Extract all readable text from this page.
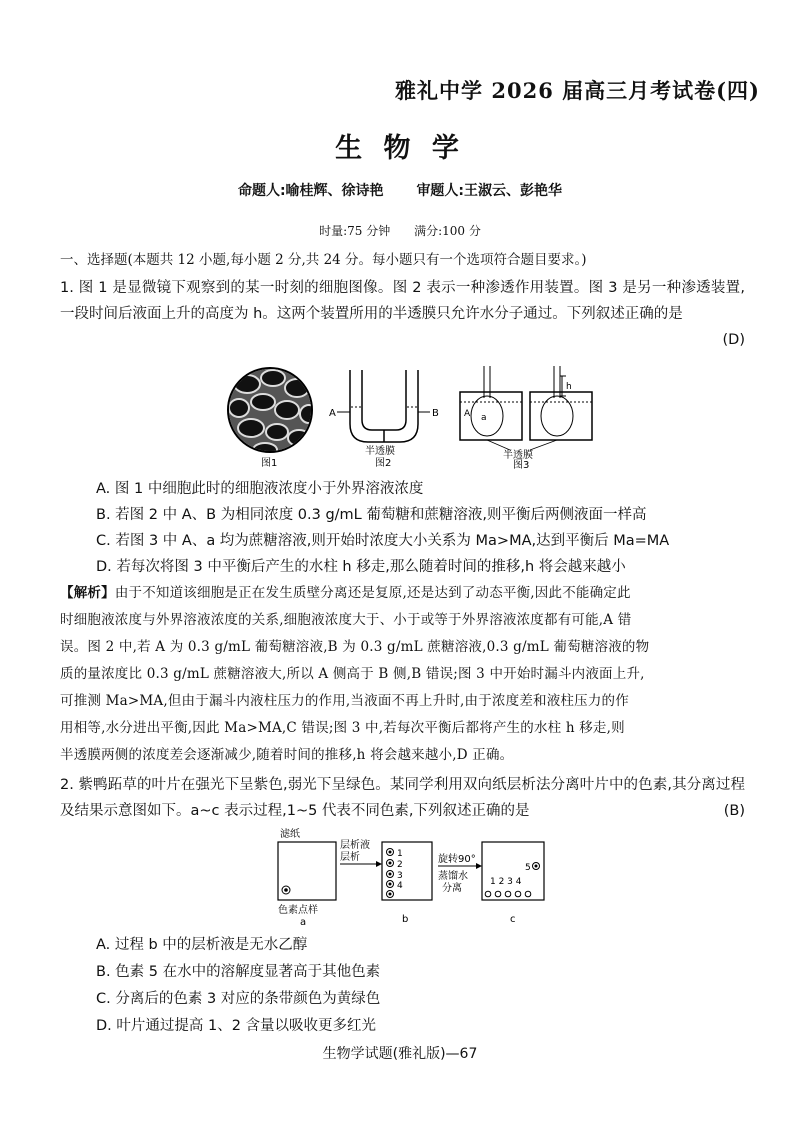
雅礼中学 2026 届高三月考试卷(四)
生 物 学
命题人:喻桂辉、徐诗艳 审题人:王淑云、彭艳华
时量:75 分钟 满分:100 分
一、选择题(本题共 12 小题,每小题 2 分,共 24 分。每小题只有一个选项符合题目要求。)
1. 图 1 是显微镜下观察到的某一时刻的细胞图像。图 2 表示一种渗透作用装置。图 3 是另一种渗透装置,一段时间后液面上升的高度为 h。这两个装置所用的半透膜只允许水分子通过。下列叙述正确的是
(D)
图1
A	B
半透膜
图2
h
A a
半透膜
图3
A. 图 1 中细胞此时的细胞液浓度小于外界溶液浓度
B. 若图 2 中 A、B 为相同浓度 0.3 g/mL 葡萄糖和蔗糖溶液,则平衡后两侧液面一样高
C. 若图 3 中 A、a 均为蔗糖溶液,则开始时浓度大小关系为 Ma>MA,达到平衡后 Ma=MA
D. 若每次将图 3 中平衡后产生的水柱 h 移走,那么随着时间的推移,h 将会越来越小
【解析】由于不知道该细胞是正在发生质壁分离还是复原,还是达到了动态平衡,因此不能确定此
时细胞液浓度与外界溶液浓度的关系,细胞液浓度大于、小于或等于外界溶液浓度都有可能,A 错
误。图 2 中,若 A 为 0.3 g/mL 葡萄糖溶液,B 为 0.3 g/mL 蔗糖溶液,0.3 g/mL 葡萄糖溶液的物
质的量浓度比 0.3 g/mL 蔗糖溶液大,所以 A 侧高于 B 侧,B 错误;图 3 中开始时漏斗内液面上升,
可推测 Ma>MA,但由于漏斗内液柱压力的作用,当液面不再上升时,由于浓度差和液柱压力的作
用相等,水分进出平衡,因此 Ma>MA,C 错误;图 3 中,若每次平衡后都将产生的水柱 h 移走,则
半透膜两侧的浓度差会逐渐减少,随着时间的推移,h 将会越来越小,D 正确。
2. 紫鸭跖草的叶片在强光下呈紫色,弱光下呈绿色。某同学利用双向纸层析法分离叶片中的色素,其分离过程及结果示意图如下。a~c 表示过程,1~5 代表不同色素,下列叙述正确的是	(B)
滤纸
色素点样
a
层析液
层析	1
2
3
4
b
旋转90°
蒸馏水
分离
1 2 3 4
5
c
A. 过程 b 中的层析液是无水乙醇
B. 色素 5 在水中的溶解度显著高于其他色素
C. 分离后的色素 3 对应的条带颜色为黄绿色
D. 叶片通过提高 1、2 含量以吸收更多红光
生物学试题(雅礼版)—67
